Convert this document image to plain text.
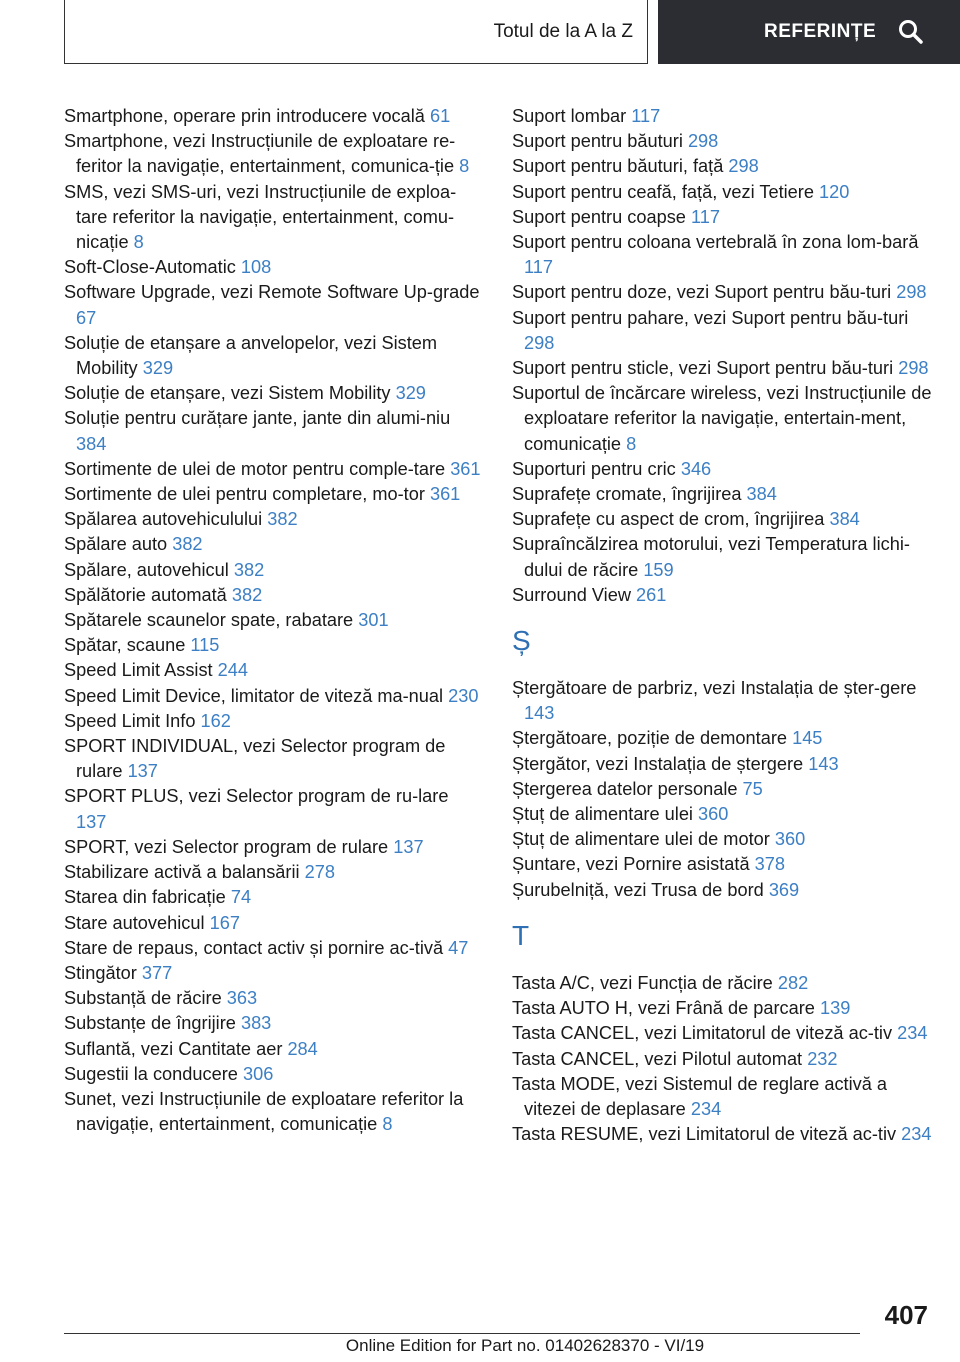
Totul de la A la Z	REFERINȚE

Smartphone, operare prin introducere vocală 61

Smartphone, vezi Instrucțiunile de exploatare re‐feritor la navigație, entertainment, comunica‐ție 8

SMS, vezi SMS-uri, vezi Instrucțiunile de exploa‐tare referitor la navigație, entertainment, comu‐nicație 8

Soft-Close-Automatic 108

Software Upgrade, vezi Remote Software Up‐grade 67

Soluție de etanșare a anvelopelor, vezi Sistem Mobility 329

Soluție de etanșare, vezi Sistem Mobility 329

Soluție pentru curățare jante, jante din alumi‐niu 384

Sortimente de ulei de motor pentru comple‐tare 361

Sortimente de ulei pentru completare, mo‐tor 361

Spălarea autovehiculului 382

Spălare auto 382

Spălare, autovehicul 382

Spălătorie automată 382

Spătarele scaunelor spate, rabatare 301

Spătar, scaune 115

Speed Limit Assist 244

Speed Limit Device, limitator de viteză ma‐nual 230

Speed Limit Info 162

SPORT INDIVIDUAL, vezi Selector program de rulare 137

SPORT PLUS, vezi Selector program de ru‐lare 137

SPORT, vezi Selector program de rulare 137

Stabilizare activă a balansării 278

Starea din fabricație 74

Stare autovehicul 167

Stare de repaus, contact activ și pornire ac‐tivă 47

Stingător 377

Substanță de răcire 363

Substanțe de îngrijire 383

Suflantă, vezi Cantitate aer 284

Sugestii la conducere 306

Sunet, vezi Instrucțiunile de exploatare referitor la navigație, entertainment, comunicație 8

Suport lombar 117

Suport pentru băuturi 298

Suport pentru băuturi, față 298

Suport pentru ceafă, față, vezi Tetiere 120

Suport pentru coapse 117

Suport pentru coloana vertebrală în zona lom‐bară 117

Suport pentru doze, vezi Suport pentru bău‐turi 298

Suport pentru pahare, vezi Suport pentru bău‐turi 298

Suport pentru sticle, vezi Suport pentru bău‐turi 298

Suportul de încărcare wireless, vezi Instrucțiunile de exploatare referitor la navigație, entertain‐ment, comunicație 8

Suporturi pentru cric 346

Suprafețe cromate, îngrijirea 384

Suprafețe cu aspect de crom, îngrijirea 384

Supraîncălzirea motorului, vezi Temperatura lichi‐dului de răcire 159

Surround View 261

Ș

Ștergătoare de parbriz, vezi Instalația de șter‐gere 143

Ștergătoare, poziție de demontare 145

Ștergător, vezi Instalația de ștergere 143

Ștergerea datelor personale 75

Ștuț de alimentare ulei 360

Ștuț de alimentare ulei de motor 360

Șuntare, vezi Pornire asistată 378

Șurubelniță, vezi Trusa de bord 369

T

Tasta A/C, vezi Funcția de răcire 282

Tasta AUTO H, vezi Frână de parcare 139

Tasta CANCEL, vezi Limitatorul de viteză ac‐tiv 234

Tasta CANCEL, vezi Pilotul automat 232

Tasta MODE, vezi Sistemul de reglare activă a vitezei de deplasare 234

Tasta RESUME, vezi Limitatorul de viteză ac‐tiv 234

407
Online Edition for Part no. 01402628370 - VI/19
